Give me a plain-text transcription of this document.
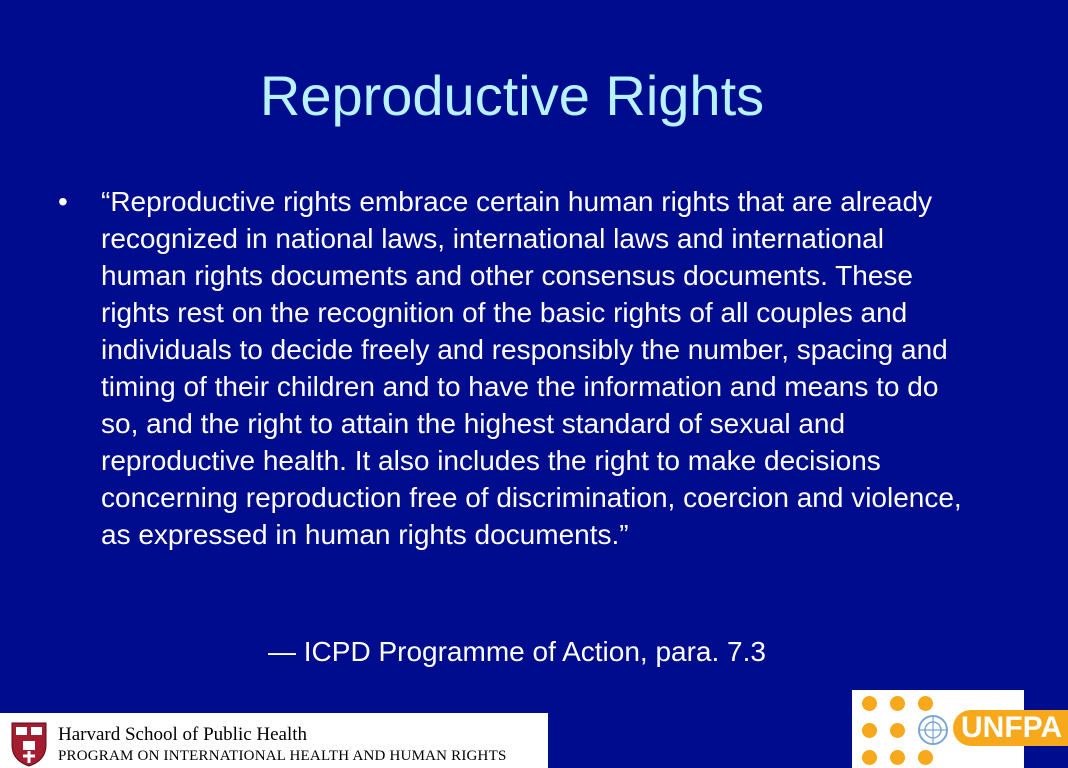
Reproductive Rights
• “Reproductive rights embrace certain human rights that are already recognized in national laws, international laws and international human rights documents and other consensus documents. These rights rest on the recognition of the basic rights of all couples and individuals to decide freely and responsibly the number, spacing and timing of their children and to have the information and means to do so, and the right to attain the highest standard of sexual and reproductive health. It also includes the right to make decisions concerning reproduction free of discrimination, coercion and violence, as expressed in human rights documents.”
— ICPD Programme of Action, para. 7.3
Harvard School of Public Health
PROGRAM ON INTERNATIONAL HEALTH AND HUMAN RIGHTS
UNFPA
